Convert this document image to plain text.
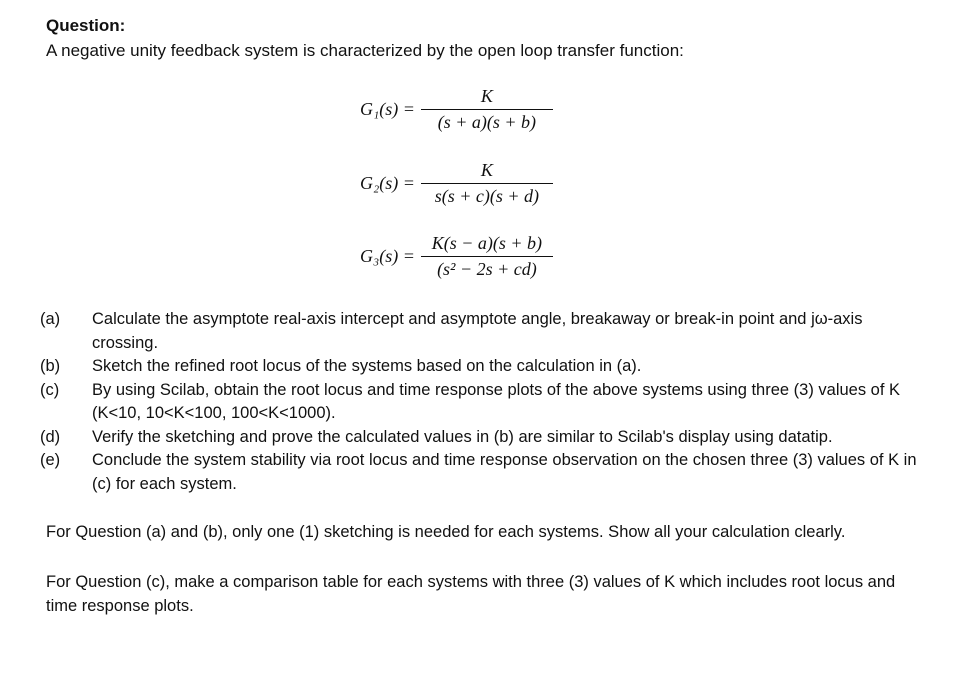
Question:
A negative unity feedback system is characterized by the open loop transfer function:
$G_1(s) = \frac{K}{(s + a)(s + b)}$
$G_2(s) = \frac{K}{s(s + c)(s + d)}$
$G_3(s) = \frac{K(s - a)(s + b)}{\text{(s² − 2s + cd)}}$
(a)	Calculate the asymptote real-axis intercept and asymptote angle, breakaway or break-in point and jω-axis crossing.
(b)	Sketch the refined root locus of the systems based on the calculation in (a).
(c)	By using Scilab, obtain the root locus and time response plots of the above systems using three (3) values of K (K<10, 10<K<100, 100<K<1000).
(d)	Verify the sketching and prove the calculated values in (b) are similar to Scilab's display using datatip.
(e)	Conclude the system stability via root locus and time response observation on the chosen three (3) values of K in (c) for each system.
For Question (a) and (b), only one (1) sketching is needed for each systems. Show all your calculation clearly.
For Question (c), make a comparison table for each systems with three (3) values of K which includes root locus and time response plots.
